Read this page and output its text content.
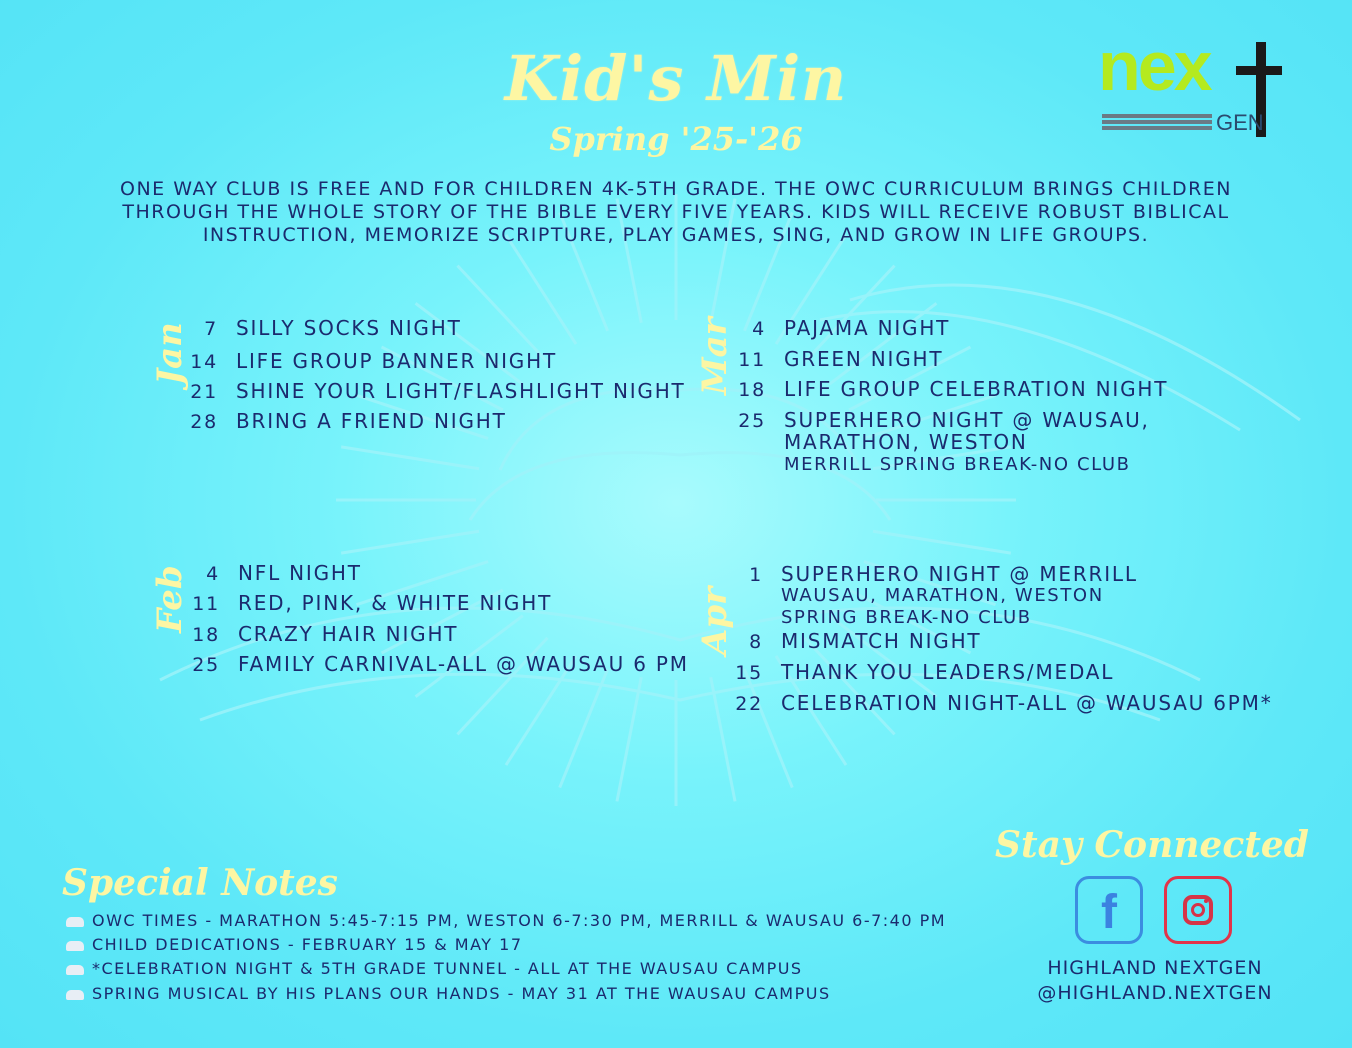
Kid's Min
Spring '25-'26
ONE WAY CLUB IS FREE AND FOR CHILDREN 4K-5TH GRADE. THE OWC CURRICULUM BRINGS CHILDREN THROUGH THE WHOLE STORY OF THE BIBLE EVERY FIVE YEARS. KIDS WILL RECEIVE ROBUST BIBLICAL INSTRUCTION, MEMORIZE SCRIPTURE, PLAY GAMES, SING, AND GROW IN LIFE GROUPS.
nex
GEN
Jan 7 SILLY SOCKS NIGHT
14 LIFE GROUP BANNER NIGHT
21 SHINE YOUR LIGHT/FLASHLIGHT NIGHT
28 BRING A FRIEND NIGHT
Mar 4 PAJAMA NIGHT
11 GREEN NIGHT
18 LIFE GROUP CELEBRATION NIGHT
25 SUPERHERO NIGHT @ WAUSAU,
MARATHON, WESTON
MERRILL SPRING BREAK-NO CLUB
Feb 4 NFL NIGHT
11 RED, PINK, & WHITE NIGHT
18 CRAZY HAIR NIGHT
25 FAMILY CARNIVAL-ALL @ WAUSAU 6 PM
Apr
1 SUPERHERO NIGHT @ MERRILL
WAUSAU, MARATHON, WESTON
SPRING BREAK-NO CLUB
8 MISMATCH NIGHT
15 THANK YOU LEADERS/MEDAL
22 CELEBRATION NIGHT-ALL @ WAUSAU 6PM*
Special Notes
OWC TIMES - MARATHON 5:45-7:15 PM, WESTON 6-7:30 PM, MERRILL & WAUSAU 6-7:40 PM
CHILD DEDICATIONS - FEBRUARY 15 & MAY 17
*CELEBRATION NIGHT & 5TH GRADE TUNNEL - ALL AT THE WAUSAU CAMPUS
SPRING MUSICAL BY HIS PLANS OUR HANDS - MAY 31 AT THE WAUSAU CAMPUS
Stay Connected
f
HIGHLAND NEXTGEN
@HIGHLAND.NEXTGEN
